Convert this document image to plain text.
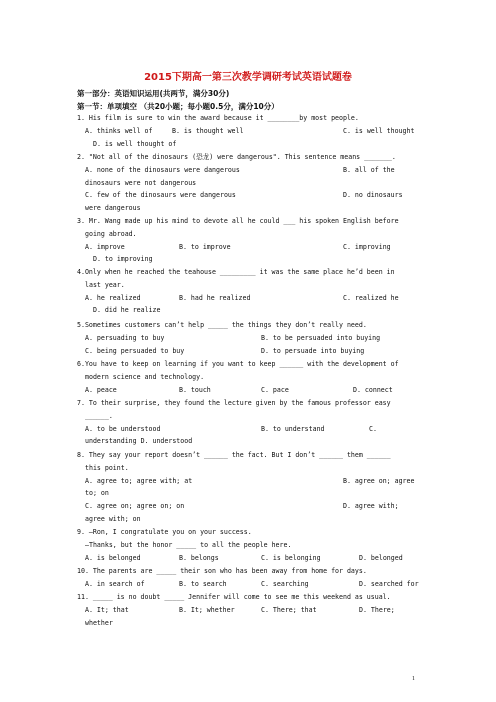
2015下期高一第三次教学调研考试英语试题卷
第一部分：英语知识运用(共两节，满分30分)
第一节：单项填空 （共20小题；每小题0.5分，满分10分）
1. His film is sure to win the award because it ________by most people.
A. thinks well of	B. is thought well	C. is well thought
D. is well thought of
2. "Not all of the dinosaurs (恐龙) were dangerous". This sentence means _______.
A. none of the dinosaurs were dangerous	B. all of the
dinosaurs were not dangerous
C. few of the dinosaurs were dangerous	D. no dinosaurs
were dangerous
3. Mr. Wang made up his mind to devote all he could ___ his spoken English before
going abroad.
A. improve	B. to improve	C. improving
D. to improving
4.Only when he reached the teahouse _________ it was the same place he’d been in
last year.
A. he realized	B. had he realized	C. realized he
D. did he realize
5.Sometimes customers can’t help _____ the things they don’t really need.
A. persuading to buy	B. to be persuaded into buying
C. being persuaded to buy	D. to persuade into buying
6.You have to keep on learning if you want to keep ______ with the development of
modern science and technology.
A. peace	B. touch	C. pace	D. connect
7. To their surprise, they found the lecture given by the famous professor easy
______.
A. to be understood	B. to understand	C.
understanding D. understood
8. They say your report doesn’t ______ the fact. But I don’t ______ them ______
this point.
A. agree to; agree with; at	B. agree on; agree
to; on
C. agree on; agree on; on	D. agree with;
agree with; on
9. —Ron, I congratulate you on your success.
—Thanks, but the honor _____ to all the people here.
A. is belonged	B. belongs	C. is belonging	D. belonged
10. The parents are _____ their son who has been away from home for days.
A. in search of	B. to search	C. searching	D. searched for
11. _____ is no doubt _____ Jennifer will come to see me this weekend as usual.
A. It; that	B. It; whether	C. There; that	D. There;
whether
1
